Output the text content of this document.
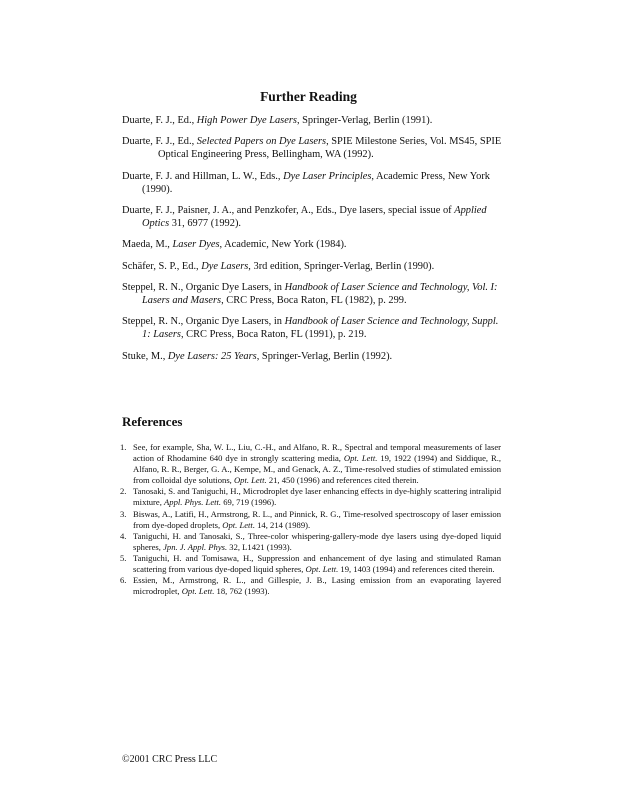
Further Reading

Duarte, F. J., Ed., High Power Dye Lasers, Springer-Verlag, Berlin (1991).

Duarte, F. J., Ed., Selected Papers on Dye Lasers, SPIE Milestone Series, Vol. MS45, SPIE Optical Engineering Press, Bellingham, WA (1992).

Duarte, F. J. and Hillman, L. W., Eds., Dye Laser Principles, Academic Press, New York (1990).

Duarte, F. J., Paisner, J. A., and Penzkofer, A., Eds., Dye lasers, special issue of Applied Optics 31, 6977 (1992).

Maeda, M., Laser Dyes, Academic, New York (1984).

Schäfer, S. P., Ed., Dye Lasers, 3rd edition, Springer-Verlag, Berlin (1990).

Steppel, R. N., Organic Dye Lasers, in Handbook of Laser Science and Technology, Vol. I: Lasers and Masers, CRC Press, Boca Raton, FL (1982), p. 299.

Steppel, R. N., Organic Dye Lasers, in Handbook of Laser Science and Technology, Suppl. 1: Lasers, CRC Press, Boca Raton, FL (1991), p. 219.

Stuke, M., Dye Lasers: 25 Years, Springer-Verlag, Berlin (1992).

References
1. See, for example, Sha, W. L., Liu, C.-H., and Alfano, R. R., Spectral and temporal measurements of laser action of Rhodamine 640 dye in strongly scattering media, Opt. Lett. 19, 1922 (1994) and Siddique, R., Alfano, R. R., Berger, G. A., Kempe, M., and Genack, A. Z., Time-resolved studies of stimulated emission from colloidal dye solutions, Opt. Lett. 21, 450 (1996) and references cited therein.
2. Tanosaki, S. and Taniguchi, H., Microdroplet dye laser enhancing effects in dye-highly scattering intralipid mixture, Appl. Phys. Lett. 69, 719 (1996).
3. Biswas, A., Latifi, H., Armstrong, R. L., and Pinnick, R. G., Time-resolved spectroscopy of laser emission from dye-doped droplets, Opt. Lett. 14, 214 (1989).
4. Taniguchi, H. and Tanosaki, S., Three-color whispering-gallery-mode dye lasers using dye-doped liquid spheres, Jpn. J. Appl. Phys. 32, L1421 (1993).
5. Taniguchi, H. and Tomisawa, H., Suppression and enhancement of dye lasing and stimulated Raman scattering from various dye-doped liquid spheres, Opt. Lett. 19, 1403 (1994) and references cited therein.
6. Essien, M., Armstrong, R. L., and Gillespie, J. B., Lasing emission from an evaporating layered microdroplet, Opt. Lett. 18, 762 (1993).
©2001 CRC Press LLC
